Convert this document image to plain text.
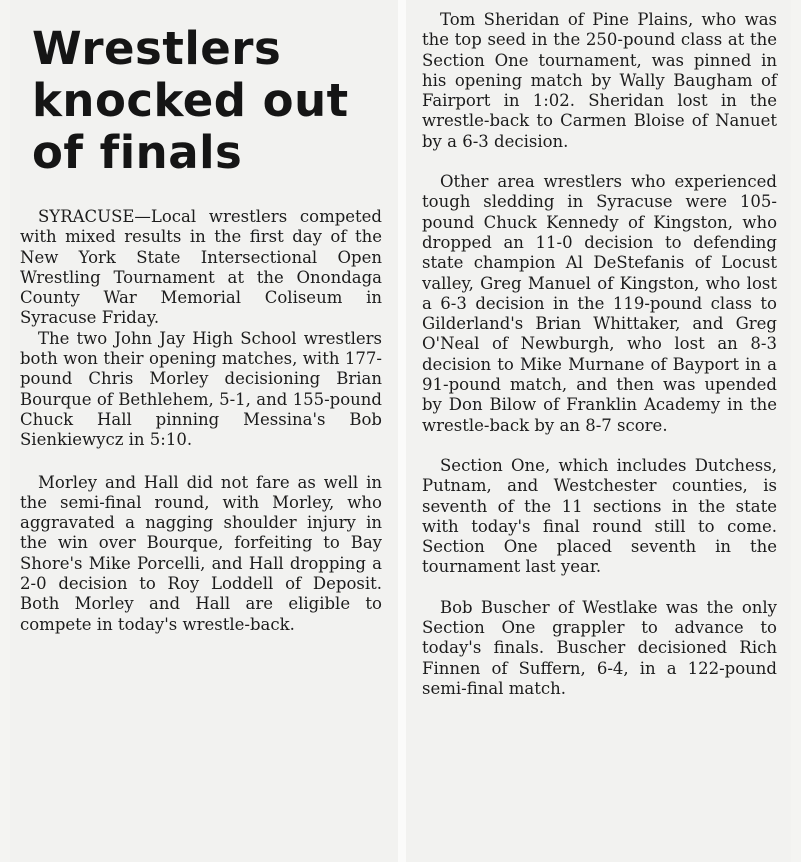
Wrestlers
knocked out
of finals

SYRACUSE—Local wrestlers competed with mixed results in the first day of the New York State Intersectional Open Wrestling Tournament at the Onondaga County War Memorial Coliseum in Syracuse Friday.

The two John Jay High School wrestlers both won their opening matches, with 177-pound Chris Morley decisioning Brian Bourque of Bethlehem, 5-1, and 155-pound Chuck Hall pinning Messina's Bob Sienkiewycz in 5:10.

Morley and Hall did not fare as well in the semi-final round, with Morley, who aggravated a nagging shoulder injury in the win over Bourque, forfeiting to Bay Shore's Mike Porcelli, and Hall dropping a 2-0 decision to Roy Loddell of Deposit. Both Morley and Hall are eligible to compete in today's wrestle-back.

Tom Sheridan of Pine Plains, who was the top seed in the 250-pound class at the Section One tournament, was pinned in his opening match by Wally Baugham of Fairport in 1:02. Sheridan lost in the wrestle-back to Carmen Bloise of Nanuet by a 6-3 decision.

Other area wrestlers who experienced tough sledding in Syracuse were 105-pound Chuck Kennedy of Kingston, who dropped an 11-0 decision to defending state champion Al DeStefanis of Locust valley, Greg Manuel of Kingston, who lost a 6-3 decision in the 119-pound class to Gilderland's Brian Whittaker, and Greg O'Neal of Newburgh, who lost an 8-3 decision to Mike Murnane of Bayport in a 91-pound match, and then was upended by Don Bilow of Franklin Academy in the wrestle-back by an 8-7 score.

Section One, which includes Dutchess, Putnam, and Westchester counties, is seventh of the 11 sections in the state with today's final round still to come. Section One placed seventh in the tournament last year.

Bob Buscher of Westlake was the only Section One grappler to advance to today's finals. Buscher decisioned Rich Finnen of Suffern, 6-4, in a 122-pound semi-final match.
